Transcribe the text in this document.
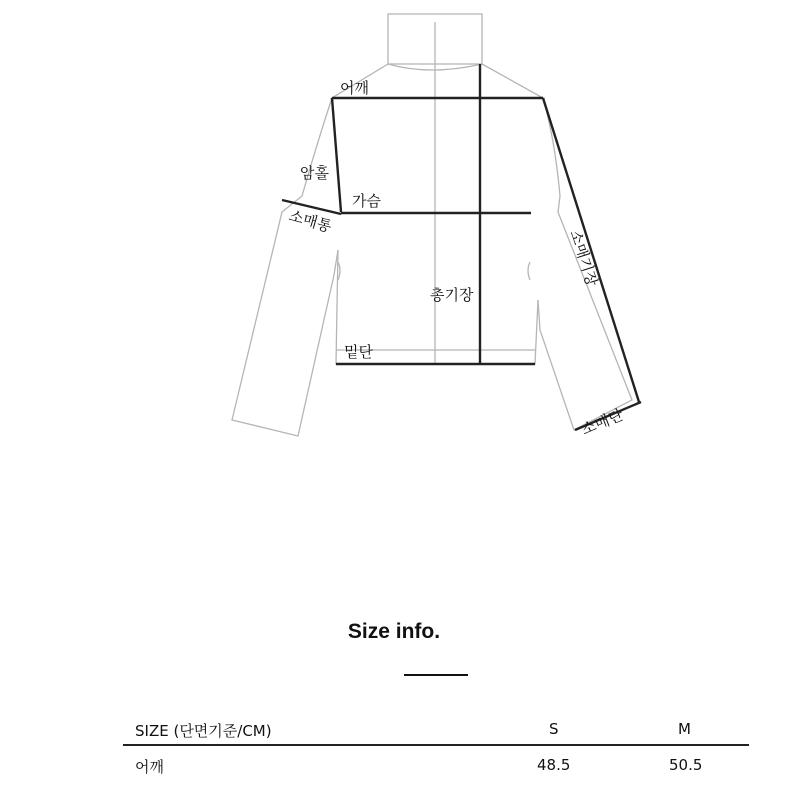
어깨
암홀
가슴
소매통
총기장
소매기장
밑단
소매단
Size info.
SIZE (단면기준/CM)	S	M
어깨	48.5	50.5
